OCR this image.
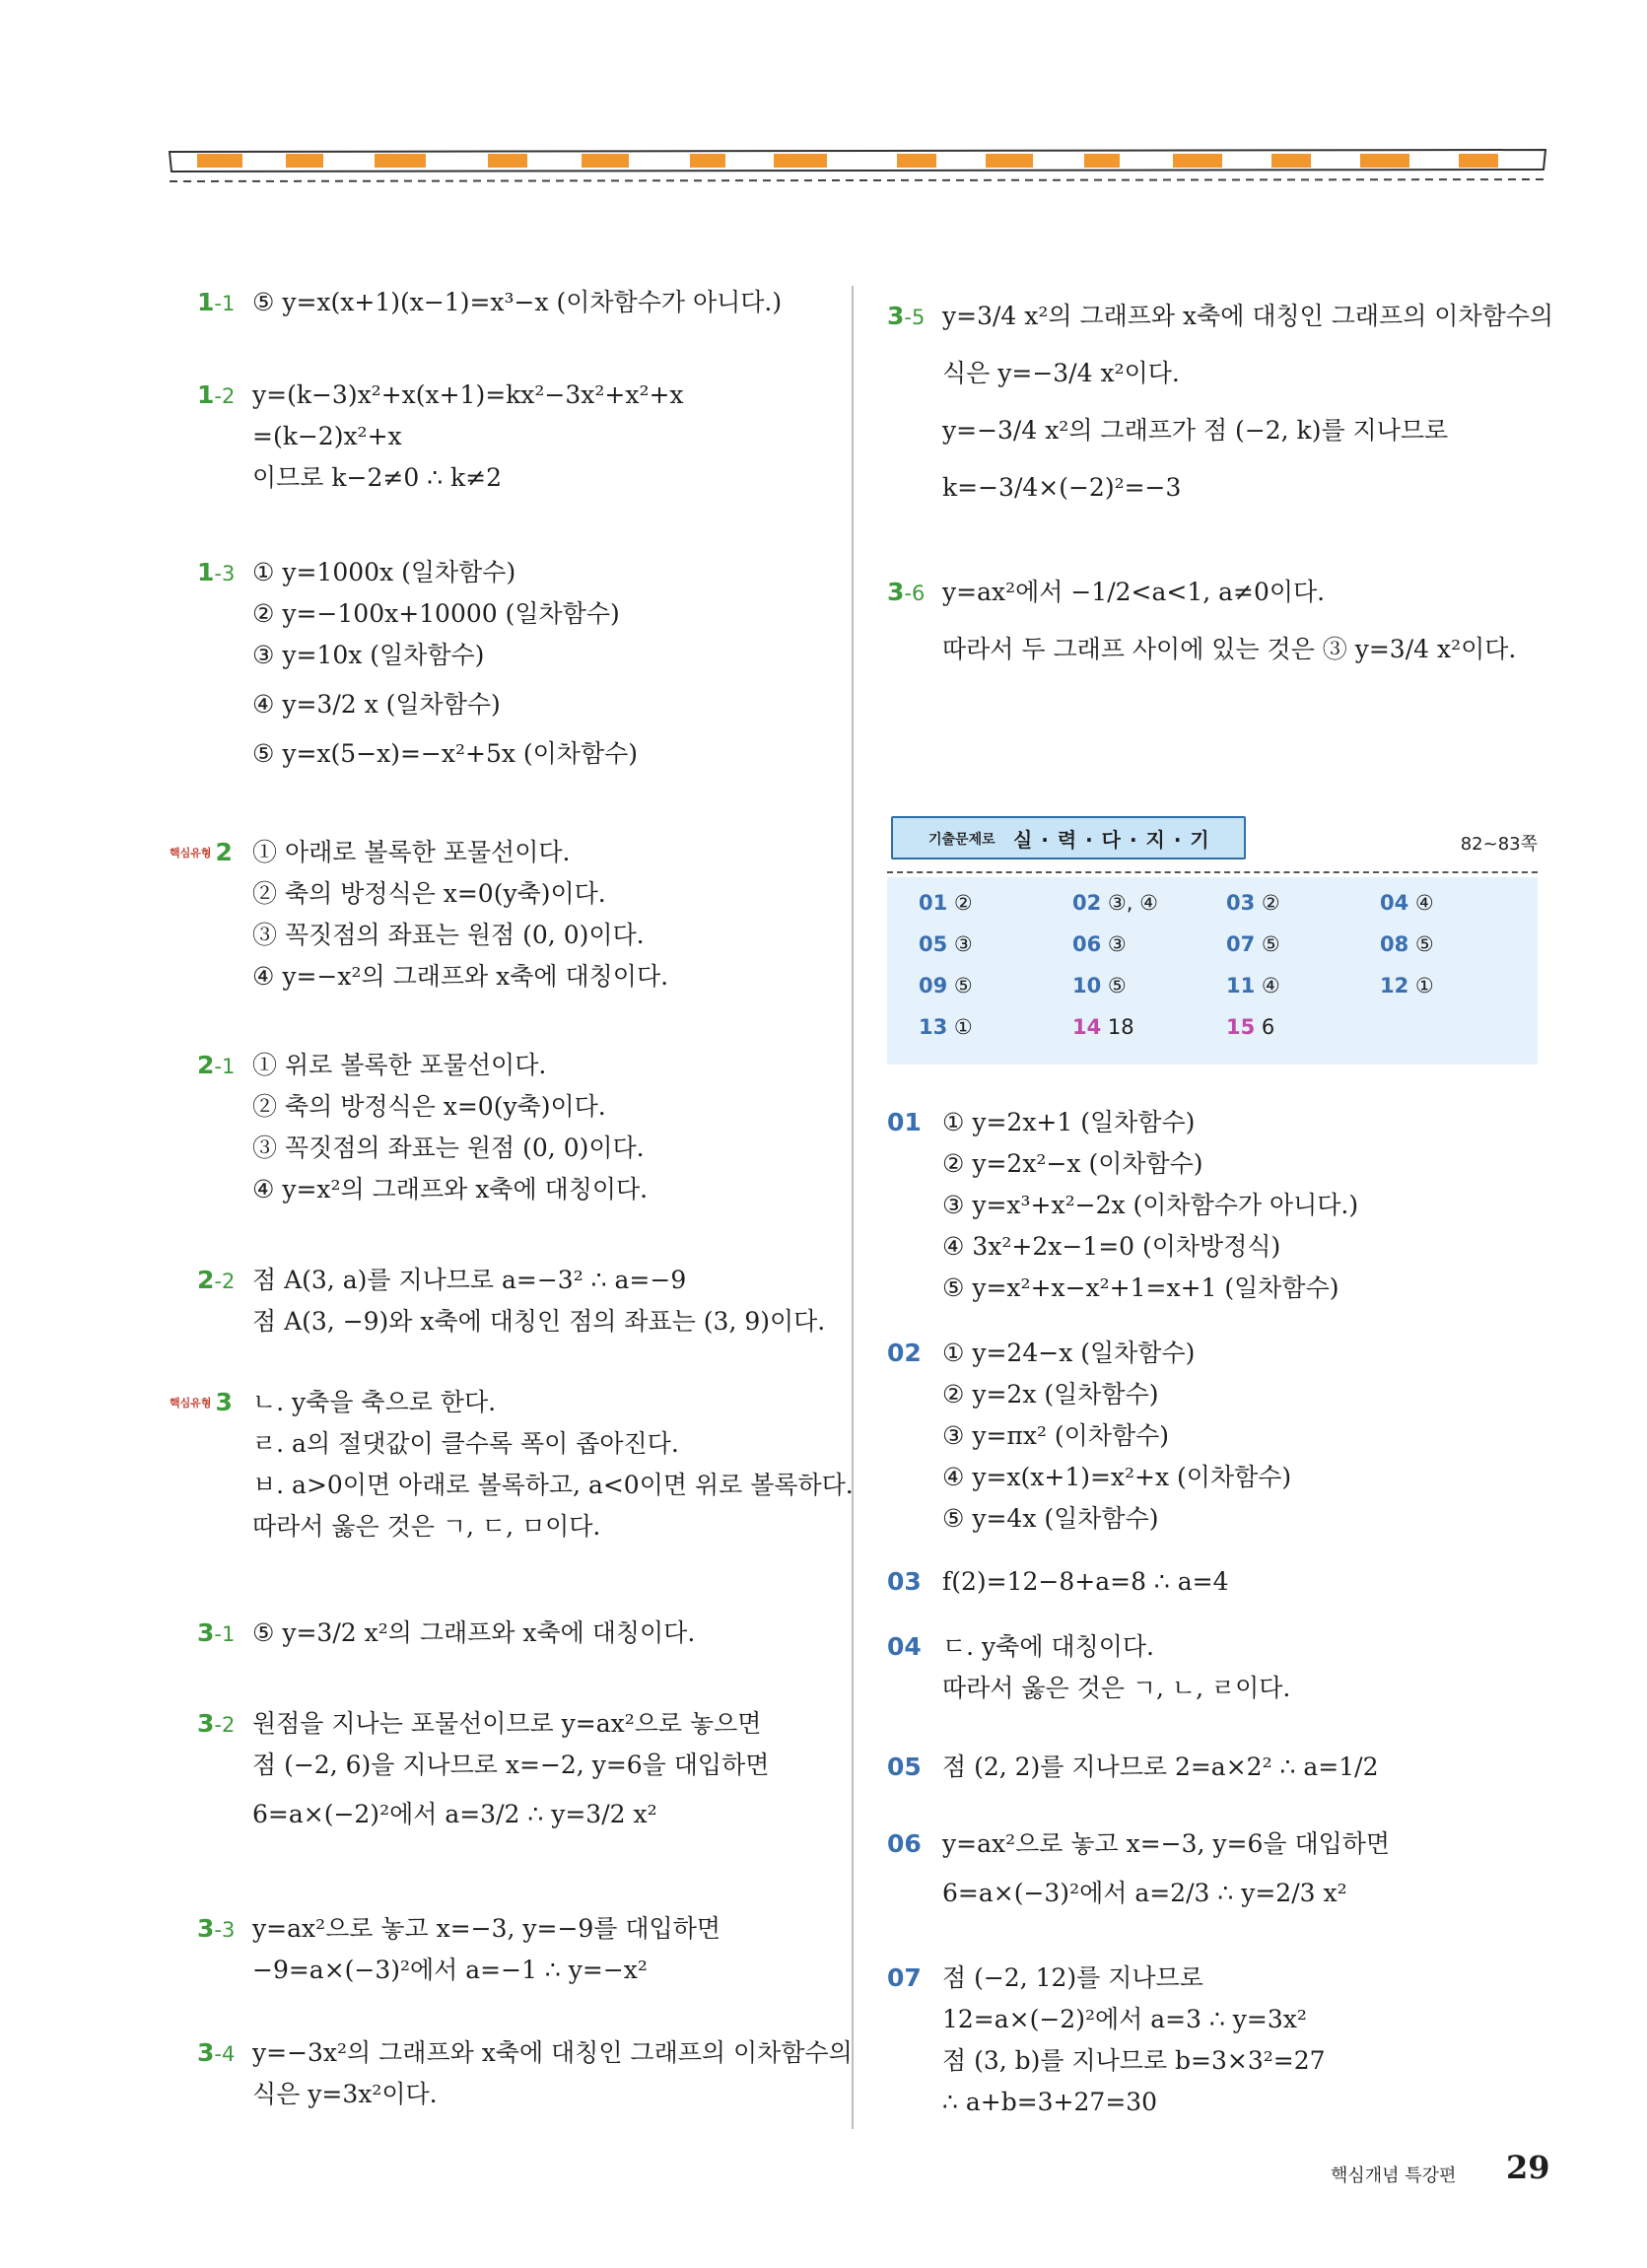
1-1 ⑤ y=x(x+1)(x−1)=x³−x (이차함수가 아니다.)
1-2 y=(k−3)x²+x(x+1)=kx²−3x²+x²+x
=(k−2)x²+x
이므로 k−2≠0 ∴ k≠2
1-3 ① y=1000x (일차함수)
② y=−100x+10000 (일차함수)
③ y=10x (일차함수)
④ y=3/2 x (일차함수)
⑤ y=x(5−x)=−x²+5x (이차함수)
핵심유형 2 ① 아래로 볼록한 포물선이다.
② 축의 방정식은 x=0(y축)이다.
③ 꼭짓점의 좌표는 원점 (0, 0)이다.
④ y=−x²의 그래프와 x축에 대칭이다.
2-1 ① 위로 볼록한 포물선이다.
② 축의 방정식은 x=0(y축)이다.
③ 꼭짓점의 좌표는 원점 (0, 0)이다.
④ y=x²의 그래프와 x축에 대칭이다.
2-2 점 A(3, a)를 지나므로 a=−3² ∴ a=−9
점 A(3, −9)와 x축에 대칭인 점의 좌표는 (3, 9)이다.
핵심유형 3 ㄴ. y축을 축으로 한다.
ㄹ. a의 절댓값이 클수록 폭이 좁아진다.
ㅂ. a>0이면 아래로 볼록하고, a<0이면 위로 볼록하다.
따라서 옳은 것은 ㄱ, ㄷ, ㅁ이다.
3-1 ⑤ y=3/2 x²의 그래프와 x축에 대칭이다.
3-2 원점을 지나는 포물선이므로 y=ax²으로 놓으면
점 (−2, 6)을 지나므로 x=−2, y=6을 대입하면
6=a×(−2)²에서 a=3/2 ∴ y=3/2 x²
3-3 y=ax²으로 놓고 x=−3, y=−9를 대입하면
−9=a×(−3)²에서 a=−1 ∴ y=−x²
3-4 y=−3x²의 그래프와 x축에 대칭인 그래프의 이차함수의
식은 y=3x²이다.
3-5 y=3/4 x²의 그래프와 x축에 대칭인 그래프의 이차함수의
식은 y=−3/4 x²이다.
y=−3/4 x²의 그래프가 점 (−2, k)를 지나므로
k=−3/4×(−2)²=−3
3-6 y=ax²에서 −1/2<a<1, a≠0이다.
따라서 두 그래프 사이에 있는 것은 ③ y=3/4 x²이다.
01 ① y=2x+1 (일차함수)
② y=2x²−x (이차함수)
③ y=x³+x²−2x (이차함수가 아니다.)
④ 3x²+2x−1=0 (이차방정식)
⑤ y=x²+x−x²+1=x+1 (일차함수)
02 ① y=24−x (일차함수)
② y=2x (일차함수)
③ y=πx² (이차함수)
④ y=x(x+1)=x²+x (이차함수)
⑤ y=4x (일차함수)
03 f(2)=12−8+a=8 ∴ a=4
04 ㄷ. y축에 대칭이다.
따라서 옳은 것은 ㄱ, ㄴ, ㄹ이다.
05 점 (2, 2)를 지나므로 2=a×2² ∴ a=1/2
06 y=ax²으로 놓고 x=−3, y=6을 대입하면
6=a×(−3)²에서 a=2/3 ∴ y=2/3 x²
07 점 (−2, 12)를 지나므로
12=a×(−2)²에서 a=3 ∴ y=3x²
점 (3, b)를 지나므로 b=3×3²=27
∴ a+b=3+27=30
기출문제로 실 · 력 · 다 · 지 · 기	82~83쪽
01 ②	02 ③, ④	03 ②	04 ④
05 ③	06 ③	07 ⑤	08 ⑤
09 ⑤	10 ⑤	11 ④	12 ①
13 ①	14 18	15 6
핵심개념 특강편 29
